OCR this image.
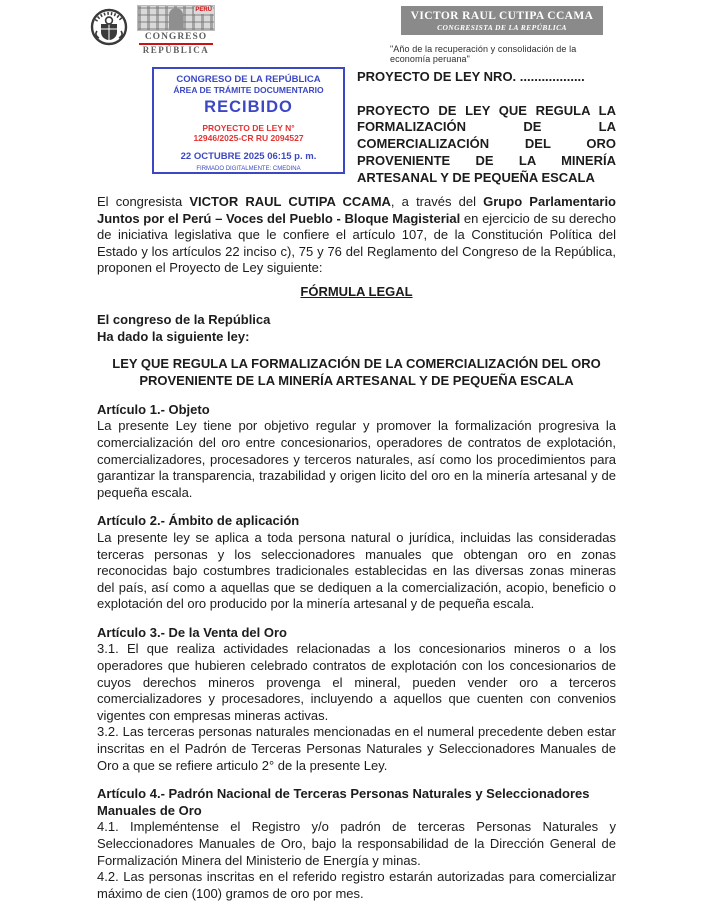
PERÚ
CONGRESO
REPÚBLICA
VICTOR RAUL CUTIPA CCAMA
CONGRESISTA DE LA REPÚBLICA
"Año de la recuperación y consolidación de la economía peruana"
CONGRESO DE LA REPÚBLICA
ÁREA DE TRÁMITE DOCUMENTARIO
RECIBIDO
PROYECTO DE LEY N°
12946/2025-CR RU 2094527
22 OCTUBRE 2025 06:15 p. m.
FIRMADO DIGITALMENTE: CMEDINA

PROYECTO DE LEY NRO. ..................

PROYECTO DE LEY QUE REGULA LA FORMALIZACIÓN DE LA COMERCIALIZACIÓN DEL ORO PROVENIENTE DE LA MINERÍA ARTESANAL Y DE PEQUEÑA ESCALA

El congresista VICTOR RAUL CUTIPA CCAMA, a través del Grupo Parlamentario Juntos por el Perú – Voces del Pueblo - Bloque Magisterial en ejercicio de su derecho de iniciativa legislativa que le confiere el artículo 107, de la Constitución Política del Estado y los artículos 22 inciso c), 75 y 76 del Reglamento del Congreso de la República, proponen el Proyecto de Ley siguiente:

FÓRMULA LEGAL

El congreso de la República
Ha dado la siguiente ley:

LEY QUE REGULA LA FORMALIZACIÓN DE LA COMERCIALIZACIÓN DEL ORO PROVENIENTE DE LA MINERÍA ARTESANAL Y DE PEQUEÑA ESCALA

Artículo 1.- Objeto

La presente Ley tiene por objetivo regular y promover la formalización progresiva la comercialización del oro entre concesionarios, operadores de contratos de explotación, comercializadores, procesadores y terceros naturales, así como los procedimientos para garantizar la transparencia, trazabilidad y origen licito del oro en la minería artesanal y de pequeña escala.

Artículo 2.- Ámbito de aplicación

La presente ley se aplica a toda persona natural o jurídica, incluidas las consideradas terceras personas y los seleccionadores manuales que obtengan oro en zonas reconocidas bajo costumbres tradicionales establecidas en las diversas zonas mineras del país, así como a aquellas que se dediquen a la comercialización, acopio, beneficio o explotación del oro producido por la minería artesanal y de pequeña escala.

Artículo 3.- De la Venta del Oro

3.1. El que realiza actividades relacionadas a los concesionarios mineros o a los operadores que hubieren celebrado contratos de explotación con los concesionarios de cuyos derechos mineros provenga el mineral, pueden vender oro a terceros comercializadores y procesadores, incluyendo a aquellos que cuenten con convenios vigentes con empresas mineras activas.

3.2. Las terceras personas naturales mencionadas en el numeral precedente deben estar inscritas en el Padrón de Terceras Personas Naturales y Seleccionadores Manuales de Oro a que se refiere articulo 2° de la presente Ley.

Artículo 4.- Padrón Nacional de Terceras Personas Naturales y Seleccionadores Manuales de Oro

4.1. Impleméntense el Registro y/o padrón de terceras Personas Naturales y Seleccionadores Manuales de Oro, bajo la responsabilidad de la Dirección General de Formalización Minera del Ministerio de Energía y minas.

4.2. Las personas inscritas en el referido registro estarán autorizadas para comercializar máximo de cien (100) gramos de oro por mes.
